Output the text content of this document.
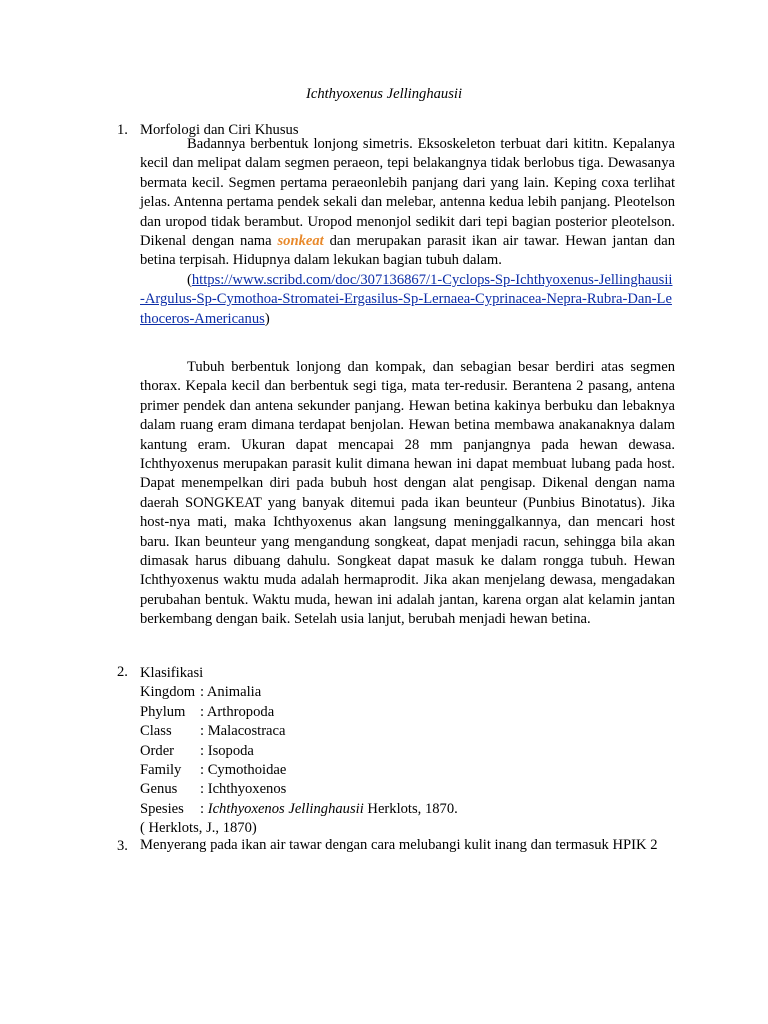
Ichthyoxenus Jellinghausii
1. Morfologi dan Ciri Khusus

Badannya berbentuk lonjong simetris. Eksoskeleton terbuat dari kititn. Kepalanya kecil dan melipat dalam segmen peraeon, tepi belakangnya tidak berlobus tiga. Dewasanya bermata kecil. Segmen pertama peraeonlebih panjang dari yang lain. Keping coxa terlihat jelas. Antenna pertama pendek sekali dan melebar, antenna kedua lebih panjang. Pleotelson dan uropod tidak berambut. Uropod menonjol sedikit dari tepi bagian posterior pleotelson. Dikenal dengan nama sonkeat dan merupakan parasit ikan air tawar. Hewan jantan dan betina terpisah. Hidupnya dalam lekukan bagian tubuh dalam.

(https://www.scribd.com/doc/307136867/1-Cyclops-Sp-Ichthyoxenus-Jellinghausii-Argulus-Sp-Cymothoa-Stromatei-Ergasilus-Sp-Lernaea-Cyprinacea-Nepra-Rubra-Dan-Lethoceros-Americanus)

Tubuh berbentuk lonjong dan kompak, dan sebagian besar berdiri atas segmen thorax. Kepala kecil dan berbentuk segi tiga, mata ter-redusir. Berantena 2 pasang, antena primer pendek dan antena sekunder panjang. Hewan betina kakinya berbuku dan lebaknya dalam ruang eram dimana terdapat benjolan. Hewan betina membawa anakanaknya dalam kantung eram. Ukuran dapat mencapai 28 mm panjangnya pada hewan dewasa. Ichthyoxenus merupakan parasit kulit dimana hewan ini dapat membuat lubang pada host. Dapat menempelkan diri pada bubuh host dengan alat pengisap. Dikenal dengan nama daerah SONGKEAT yang banyak ditemui pada ikan beunteur (Punbius Binotatus). Jika host-nya mati, maka Ichthyoxenus akan langsung meninggalkannya, dan mencari host baru. Ikan beunteur yang mengandung songkeat, dapat menjadi racun, sehingga bila akan dimasak harus dibuang dahulu. Songkeat dapat masuk ke dalam rongga tubuh. Hewan Ichthyoxenus waktu muda adalah hermaprodit. Jika akan menjelang dewasa, mengadakan perubahan bentuk. Waktu muda, hewan ini adalah jantan, karena organ alat kelamin jantan berkembang dengan baik. Setelah usia lanjut, berubah menjadi hewan betina.

2. Klasifikasi
Kingdom : Animalia
Phylum : Arthropoda
Class : Malacostraca
Order : Isopoda
Family : Cymothoidae
Genus : Ichthyoxenos
Spesies : Ichthyoxenos Jellinghausii Herklots, 1870.
( Herklots, J., 1870)
3. Menyerang pada ikan air tawar dengan cara melubangi kulit inang dan termasuk HPIK 2
